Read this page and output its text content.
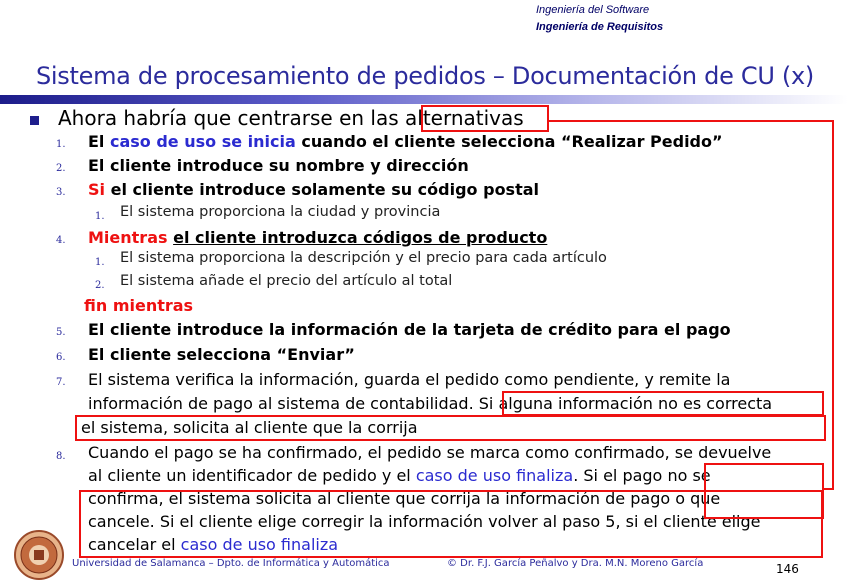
Ingeniería del Software
Ingeniería de Requisitos
Sistema de procesamiento de pedidos – Documentación de CU (x)
Ahora habría que centrarse en las alternativas
1. El caso de uso se inicia cuando el cliente selecciona “Realizar Pedido”
2. El cliente introduce su nombre y dirección
3. Si el cliente introduce solamente su código postal
1. El sistema proporciona la ciudad y provincia
4. Mientras el cliente introduzca códigos de producto
1. El sistema proporciona la descripción y el precio para cada artículo
2. El sistema añade el precio del artículo al total
fin mientras
5. El cliente introduce la información de la tarjeta de crédito para el pago
6. El cliente selecciona “Enviar”
7. El sistema verifica la información, guarda el pedido como pendiente, y remite la
información de pago al sistema de contabilidad. Si alguna información no es correcta
el sistema, solicita al cliente que la corrija
8. Cuando el pago se ha confirmado, el pedido se marca como confirmado, se devuelve
al cliente un identificador de pedido y el caso de uso finaliza. Si el pago no se
confirma, el sistema solicita al cliente que corrija la información de pago o que
cancele. Si el cliente elige corregir la información volver al paso 5, si el cliente elige
cancelar el caso de uso finaliza
Universidad de Salamanca – Dpto. de Informática y Automática	© Dr. F.J. García Peñalvo y Dra. M.N. Moreno García	146
